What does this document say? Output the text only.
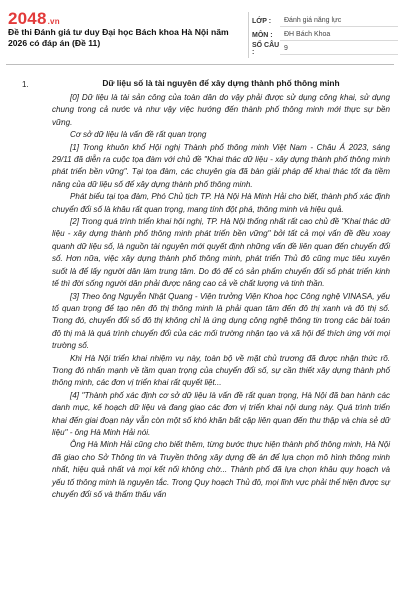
2048.vn
Đề thi Đánh giá tư duy Đại học Bách khoa Hà Nội năm 2026 có đáp án (Đề 11)
LỚP :	Đánh giá năng lực
MÔN :	ĐH Bách Khoa
SỐ CÂU :
9
1.	Dữ liệu số là tài nguyên để xây dựng thành phố thông minh

[0] Dữ liệu là tài sản công của toàn dân do vậy phải được sử dụng công khai, sử dụng chung trong cả nước và như vậy việc hướng đến thành phố thông minh mới thực sự bền vững.

Cơ sở dữ liệu là vấn đề rất quan trọng

[1] Trong khuôn khổ Hội nghị Thành phố thông minh Việt Nam - Châu Á 2023, sáng 29/11 đã diễn ra cuộc tọa đàm với chủ đề "Khai thác dữ liệu - xây dựng thành phố thông minh phát triển bền vững". Tại tọa đàm, các chuyên gia đã bàn giải pháp để khai thác tốt đa tiềm năng của dữ liệu số để xây dựng thành phố thông minh.

Phát biểu tại tọa đàm, Phó Chủ tịch TP. Hà Nội Hà Minh Hải cho biết, thành phố xác định chuyển đổi số là khâu rất quan trọng, mang tính đột phá, thông minh và hiệu quả.

[2] Trong quá trình triển khai hội nghị, TP. Hà Nội thống nhất rất cao chủ đề "Khai thác dữ liệu - xây dựng thành phố thông minh phát triển bền vững" bởi tất cả mọi vấn đề đều xoay quanh dữ liệu số, là nguồn tài nguyên mới quyết định những vấn đề liên quan đến chuyển đổi số. Hơn nữa, việc xây dựng thành phố thông minh, phát triển Thủ đô cũng mục tiêu xuyên suốt là để lấy người dân làm trung tâm. Do đó để có sản phẩm chuyển đổi số phát triển kinh tế thì đời sống người dân phải được nâng cao cả về chất lượng và tinh thần.

[3] Theo ông Nguyễn Nhật Quang - Viện trưởng Viện Khoa học Công nghệ VINASA, yếu tố quan trọng để tạo nên đô thị thông minh là phải quan tâm đến đô thị xanh và đô thị số. Trong đó, chuyển đổi số đô thị không chỉ là ứng dụng công nghệ thông tin trong các bài toán đô thị mà là quá trình chuyển đổi của các mối trường nhận tạo và xã hội để thích ứng với mọi trường số.

Khi Hà Nội triển khai nhiệm vụ này, toàn bộ về mặt chủ trương đã được nhận thức rõ. Trong đó nhấn mạnh về tầm quan trọng của chuyển đổi số, sự cần thiết xây dựng thành phố thông minh, các đơn vị triển khai rất quyết liệt...

[4] "Thành phố xác định cơ sở dữ liệu là vấn đề rất quan trọng, Hà Nội đã ban hành các danh mục, kế hoạch dữ liệu và đang giao các đơn vị triển khai nội dung này. Quá trình triển khai đến giai đoạn này vẫn còn một số khó khăn bất cập liên quan đến thu thập và chia sẻ dữ liệu" - ông Hà Minh Hải nói.

Ông Hà Minh Hải cũng cho biết thêm, từng bước thực hiện thành phố thông minh, Hà Nội đã giao cho Sở Thông tin và Truyền thông xây dựng đề án để lựa chọn mô hình thông minh nhất, hiệu quả nhất và mọi kết nối không chờ... Thành phố đã lựa chọn khâu quy hoạch và yếu tố thông minh là nguyên tắc. Trong Quy hoạch Thủ đô, mọi lĩnh vực phải thể hiện được sự chuyển đổi số và thẩm thấu vấn
